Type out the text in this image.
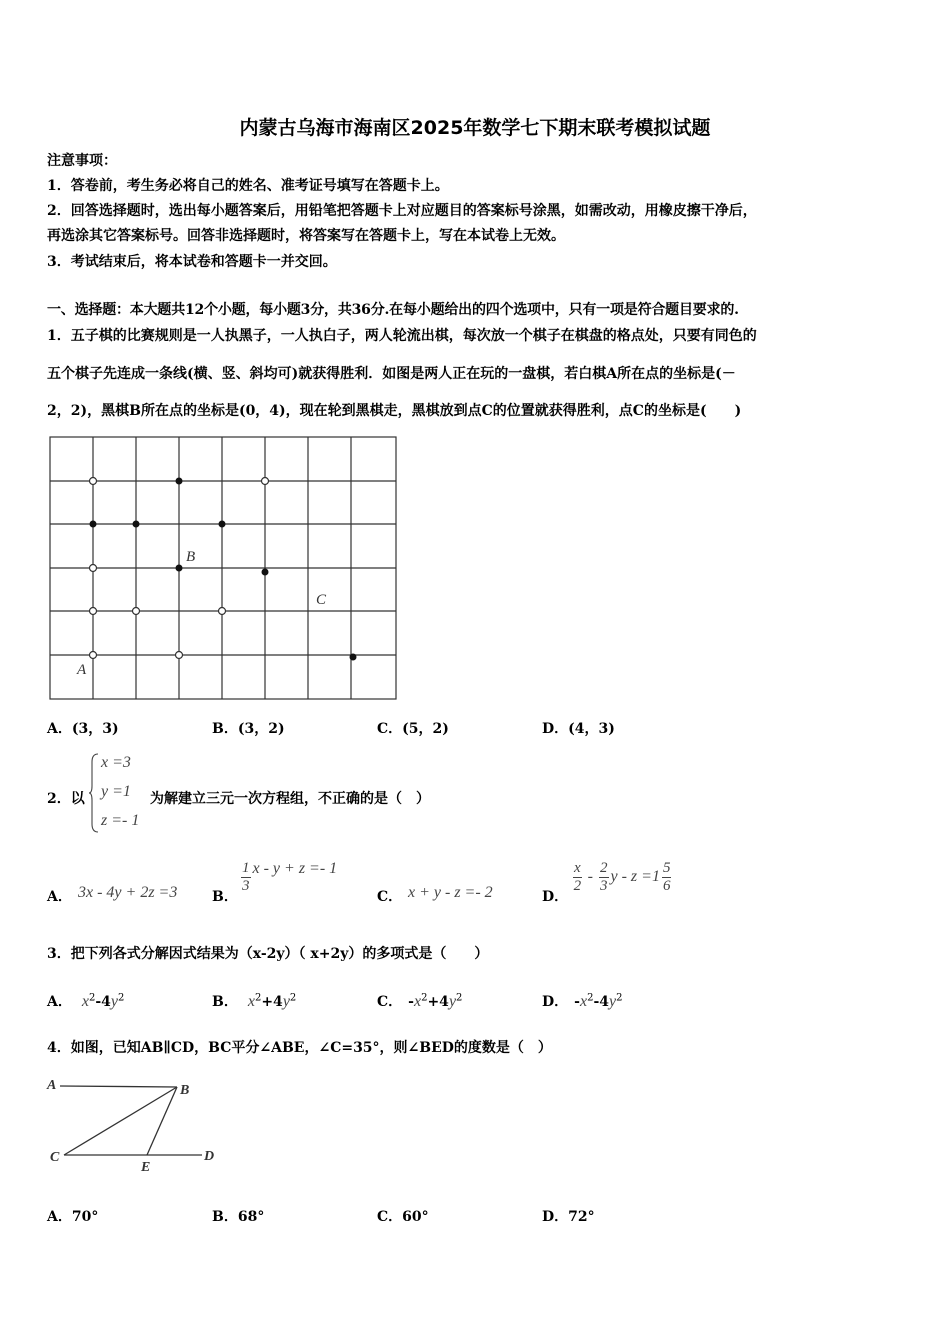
内蒙古乌海市海南区2025年数学七下期末联考模拟试题
注意事项：
1．答卷前，考生务必将自己的姓名、准考证号填写在答题卡上。
2．回答选择题时，选出每小题答案后，用铅笔把答题卡上对应题目的答案标号涂黑，如需改动，用橡皮擦干净后，
再选涂其它答案标号。回答非选择题时，将答案写在答题卡上，写在本试卷上无效。
3．考试结束后，将本试卷和答题卡一并交回。
一、选择题：本大题共12个小题，每小题3分，共36分.在每小题给出的四个选项中，只有一项是符合题目要求的.
1．五子棋的比赛规则是一人执黑子，一人执白子，两人轮流出棋，每次放一个棋子在棋盘的格点处，只要有同色的
五个棋子先连成一条线(横、竖、斜均可)就获得胜利．如图是两人正在玩的一盘棋，若白棋A所在点的坐标是(－
2，2)，黑棋B所在点的坐标是(0，4)，现在轮到黑棋走，黑棋放到点C的位置就获得胜利，点C的坐标是(　　)
B
C
A
A．(3，3)	B．(3，2)	C．(5，2)	D．(4，3)
2．以
x =3
y =1
z =- 1
为解建立三元一次方程组，不正确的是（　）
A． 3x - 4y + 2z =3 B．
$\frac{1}{3}$ x - y + z =- 1
C． x + y - z =- 2	D．
$\frac{x}{2} - \frac{2}{3}$ $y - z =1 \frac{5}{6}$
3．把下列各式分解因式结果为（x-2y）（ x+2y）的多项式是（　　）
A． $x^2-4y^2$	B． $x^2+4y^2$	C． $-x^2+4y^2$	D． $-x^2-4y^2$
4．如图，已知AB∥CD，BC平分∠ABE，∠C=35°，则∠BED的度数是（　）
A	B
C	D
E
A．70°	B．68°	C．60°	D．72°
